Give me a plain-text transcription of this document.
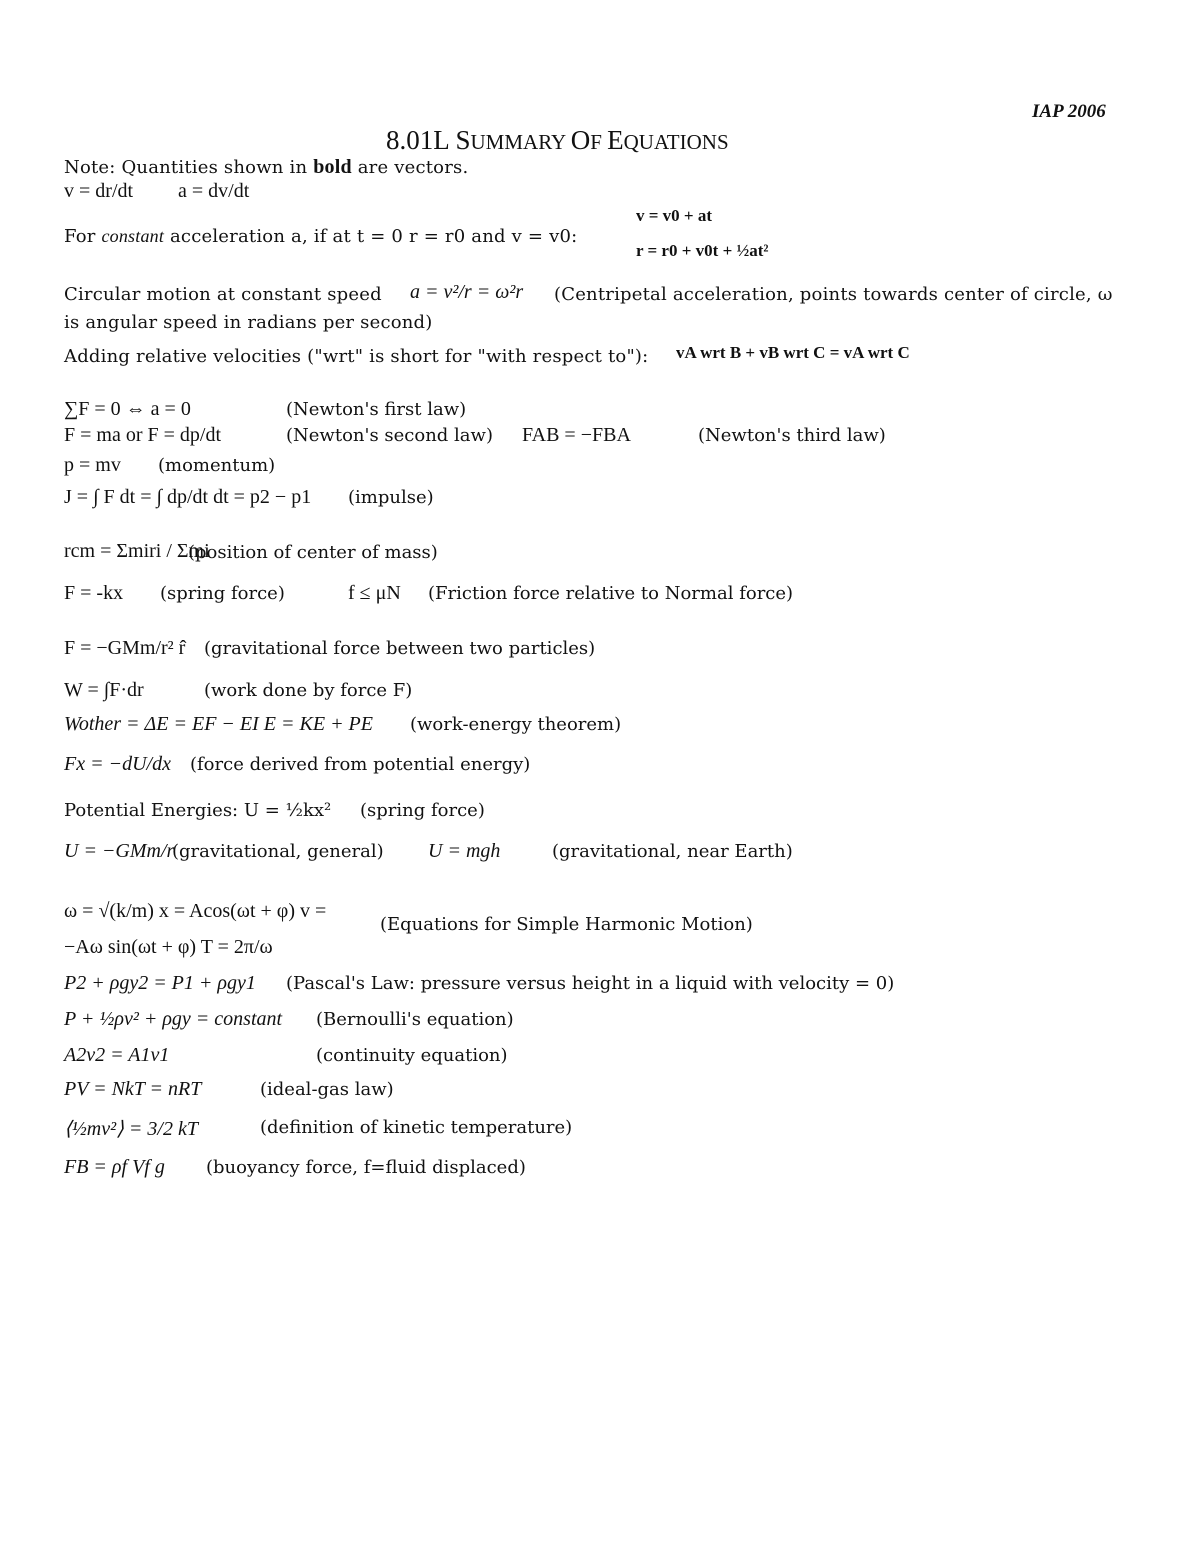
IAP 2006
8.01L SUMMARY OF EQUATIONS
Note: Quantities shown in bold are vectors.
v = dr/dt a = dv/dt
For constant acceleration a, if at t = 0 r = r0 and v = v0:
v = v0 + at
r = r0 + v0t + ½at²
Circular motion at constant speed a = v²/r = ω²r (Centripetal acceleration, points towards center of circle, ω
is angular speed in radians per second)
Adding relative velocities ("wrt" is short for "with respect to"): vA wrt B + vB wrt C = vA wrt C
∑F = 0 ⇔ a = 0	(Newton's first law)
F = ma or F = dp/dt	(Newton's second law) FAB = −FBA	(Newton's third law)
p = mv (momentum)
J = ∫ F dt = ∫ dp/dt dt = p2 − p1 (impulse)
rcm = Σmiri / Σmi
(position of center of mass)
F = -kx (spring force)	f ≤ μN (Friction force relative to Normal force)
F = −GMm/r² r̂ (gravitational force between two particles)
W = ∫F·dr	(work done by force F)
Wother = ΔE = EF − EI E = KE + PE (work-energy theorem)
Fx = −dU/dx (force derived from potential energy)
Potential Energies: U = ½kx² (spring force)
U = −GMm/r
(gravitational, general) U = mgh	(gravitational, near Earth)
ω = √(k/m) x = Acos(ωt + φ) v = −Aω sin(ωt + φ) T = 2π/ω
(Equations for Simple Harmonic Motion)
P2 + ρgy2 = P1 + ρgy1 (Pascal's Law: pressure versus height in a liquid with velocity = 0)
P + ½ρv² + ρgy = constant (Bernoulli's equation)
A2v2 = A1v1	(continuity equation)
PV = NkT = nRT	(ideal-gas law)
⟨½mv²⟩ = 3/2 kT	(definition of kinetic temperature)
FB = ρf Vf g (buoyancy force, f=fluid displaced)
